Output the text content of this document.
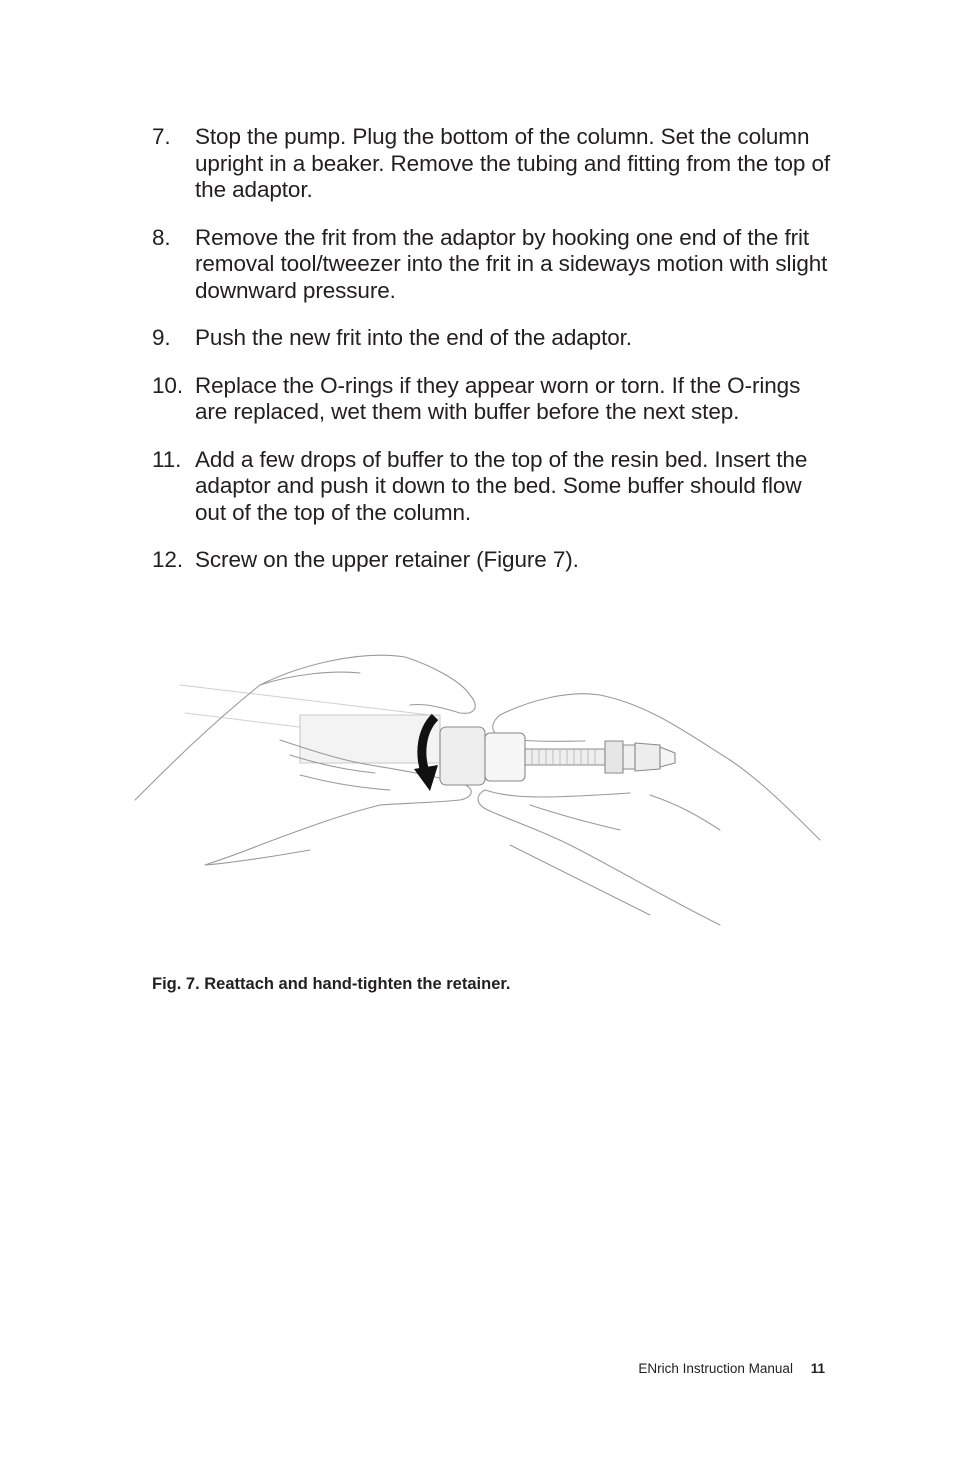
7. Stop the pump. Plug the bottom of the column. Set the column upright in a beaker. Remove the tubing and fitting from the top of the adaptor.
8. Remove the frit from the adaptor by hooking one end of the frit removal tool/tweezer into the frit in a sideways motion with slight downward pressure.
9. Push the new frit into the end of the adaptor.
10. Replace the O-rings if they appear worn or torn. If the O-rings are replaced, wet them with buffer before the next step.
11. Add a few drops of buffer to the top of the resin bed. Insert the adaptor and push it down to the bed. Some buffer should flow out of the top of the column.
12. Screw on the upper retainer (Figure 7).
Fig. 7. Reattach and hand-tighten the retainer.
ENrich Instruction Manual 11
